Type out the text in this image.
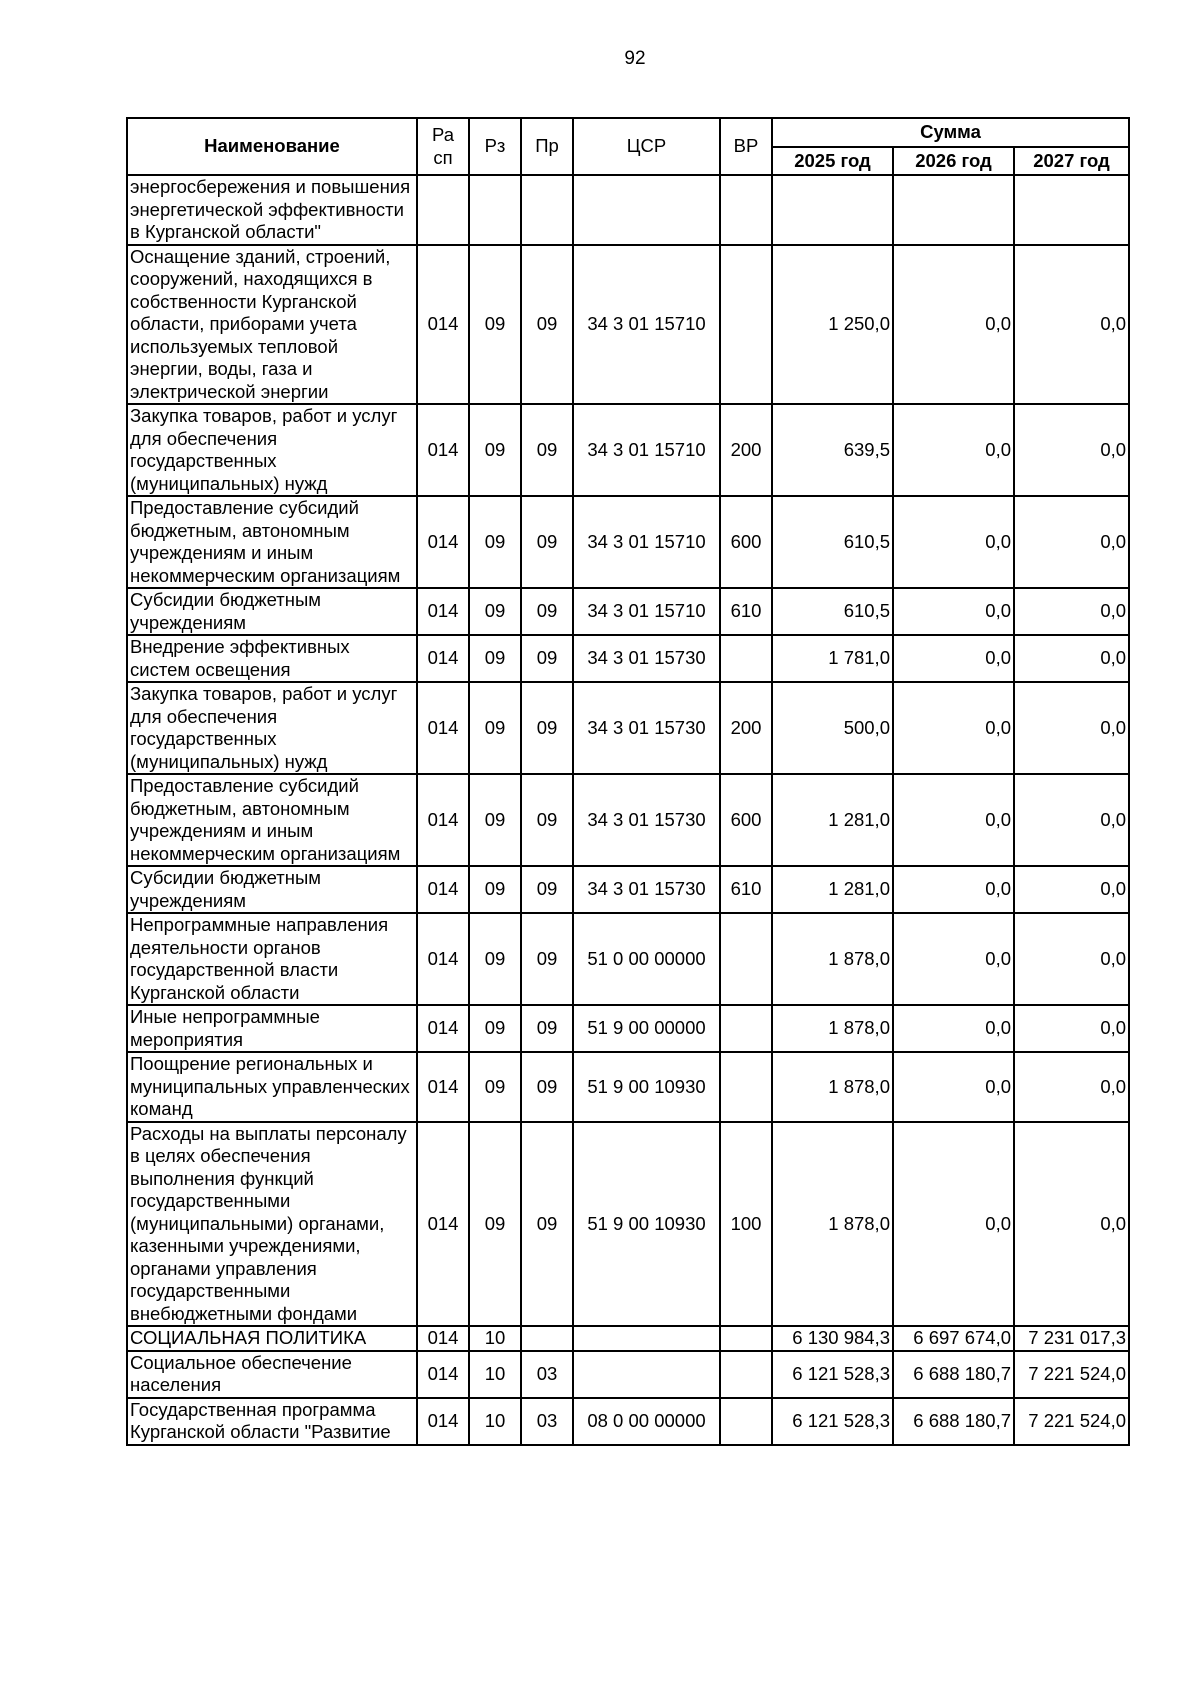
92
Наименование	Ра сп	Рз	Пр	ЦСР	ВР	Сумма		
						2025 год	2026 год	2027 год
энергосбережения и повышения энергетической эффективности в Курганской области"								
Оснащение зданий, строений, сооружений, находящихся в собственности Курганской области, приборами учета используемых тепловой энергии, воды, газа и электрической энергии	014	09	09	34 3 01 15710		1 250,0	0,0	0,0
Закупка товаров, работ и услуг для обеспечения государственных (муниципальных) нужд	014	09	09	34 3 01 15710	200	639,5	0,0	0,0
Предоставление субсидий бюджетным, автономным учреждениям и иным некоммерческим организациям	014	09	09	34 3 01 15710	600	610,5	0,0	0,0
Субсидии бюджетным учреждениям	014	09	09	34 3 01 15710	610	610,5	0,0	0,0
Внедрение эффективных систем освещения	014	09	09	34 3 01 15730		1 781,0	0,0	0,0
Закупка товаров, работ и услуг для обеспечения государственных (муниципальных) нужд	014	09	09	34 3 01 15730	200	500,0	0,0	0,0
Предоставление субсидий бюджетным, автономным учреждениям и иным некоммерческим организациям	014	09	09	34 3 01 15730	600	1 281,0	0,0	0,0
Субсидии бюджетным учреждениям	014	09	09	34 3 01 15730	610	1 281,0	0,0	0,0
Непрограммные направления деятельности органов государственной власти Курганской области	014	09	09	51 0 00 00000		1 878,0	0,0	0,0
Иные непрограммные мероприятия	014	09	09	51 9 00 00000		1 878,0	0,0	0,0
Поощрение региональных и муниципальных управленческих команд	014	09	09	51 9 00 10930		1 878,0	0,0	0,0
Расходы на выплаты персоналу в целях обеспечения выполнения функций государственными (муниципальными) органами, казенными учреждениями, органами управления государственными внебюджетными фондами	014	09	09	51 9 00 10930	100	1 878,0	0,0	0,0
СОЦИАЛЬНАЯ ПОЛИТИКА	014	10				6 130 984,3	6 697 674,0	7 231 017,3
Социальное обеспечение населения	014	10	03			6 121 528,3	6 688 180,7	7 221 524,0
Государственная программа Курганской области "Развитие	014	10	03	08 0 00 00000		6 121 528,3	6 688 180,7	7 221 524,0
